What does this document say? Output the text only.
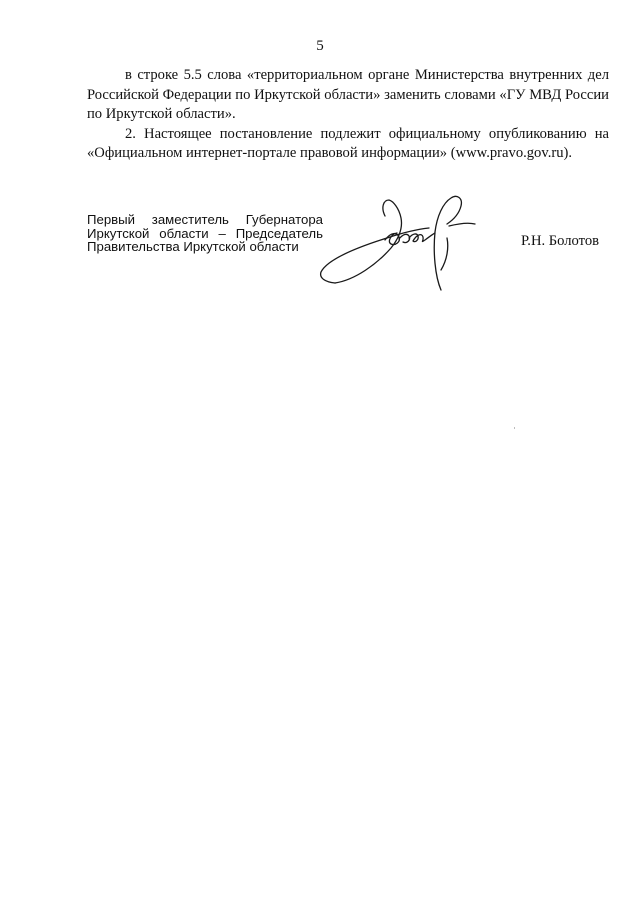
5

в строке 5.5 слова «территориальном органе Министерства внутренних дел Российской Федерации по Иркутской области» заменить словами «ГУ МВД России по Иркутской области».

2. Настоящее постановление подлежит официальному опубликованию на «Официальном интернет-портале правовой информации» (www.pravo.gov.ru).

Первый заместитель Губернатора
Иркутской области – Председатель
Правительства Иркутской области	Р.Н. Болотов
